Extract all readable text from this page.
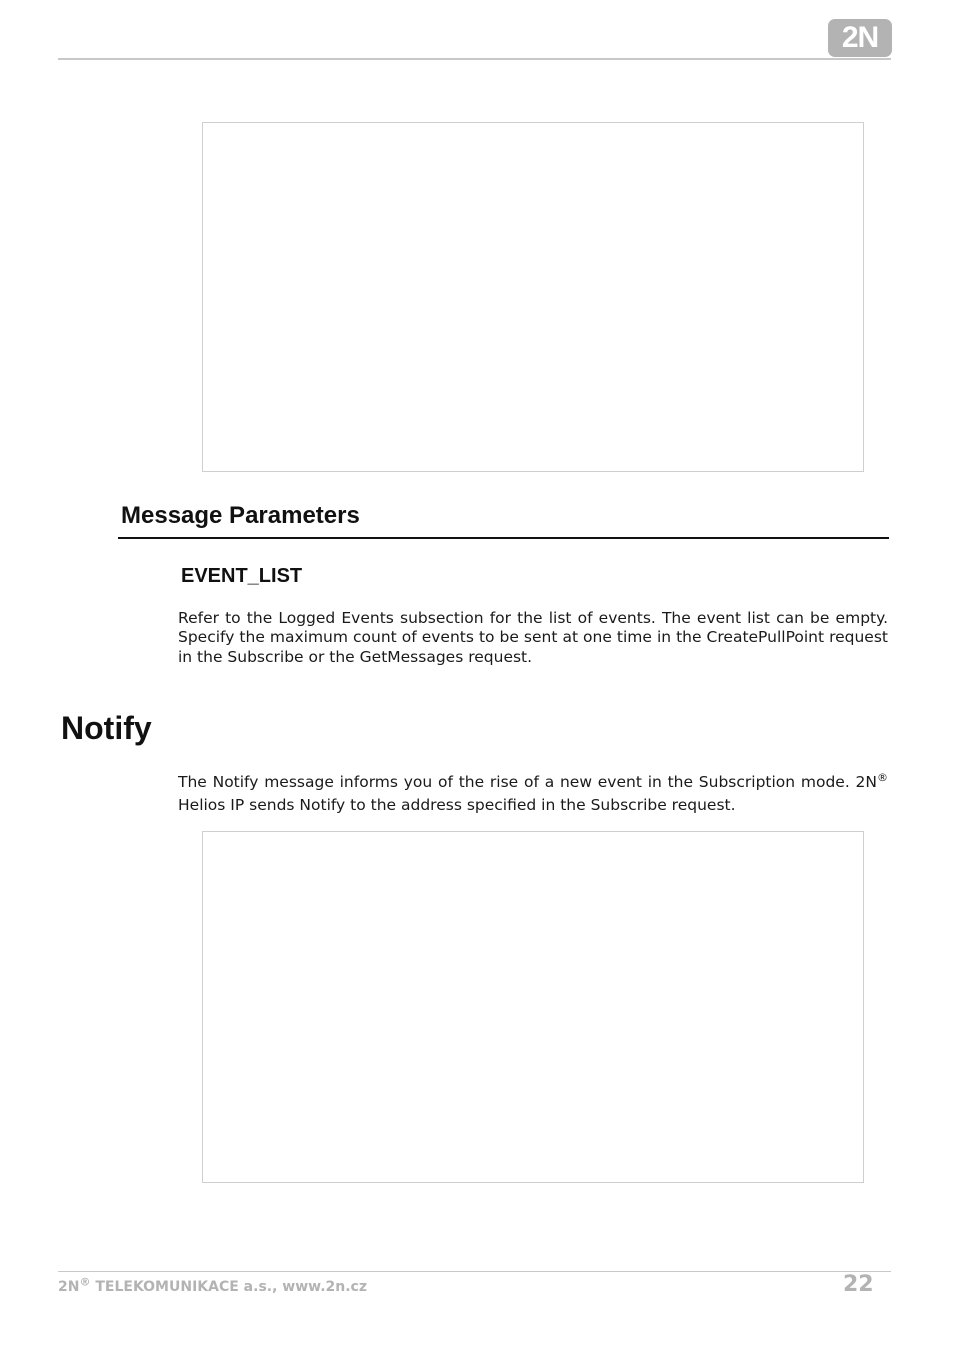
2N
Message Parameters
EVENT_LIST

Refer to the Logged Events subsection for the list of events. The event list can be empty. Specify the maximum count of events to be sent at one time in the CreatePullPoint request in the Subscribe or the GetMessages request.

Notify

The Notify message informs you of the rise of a new event in the Subscription mode. 2N® Helios IP sends Notify to the address specified in the Subscribe request.

2N® TELEKOMUNIKACE a.s., www.2n.cz	22
